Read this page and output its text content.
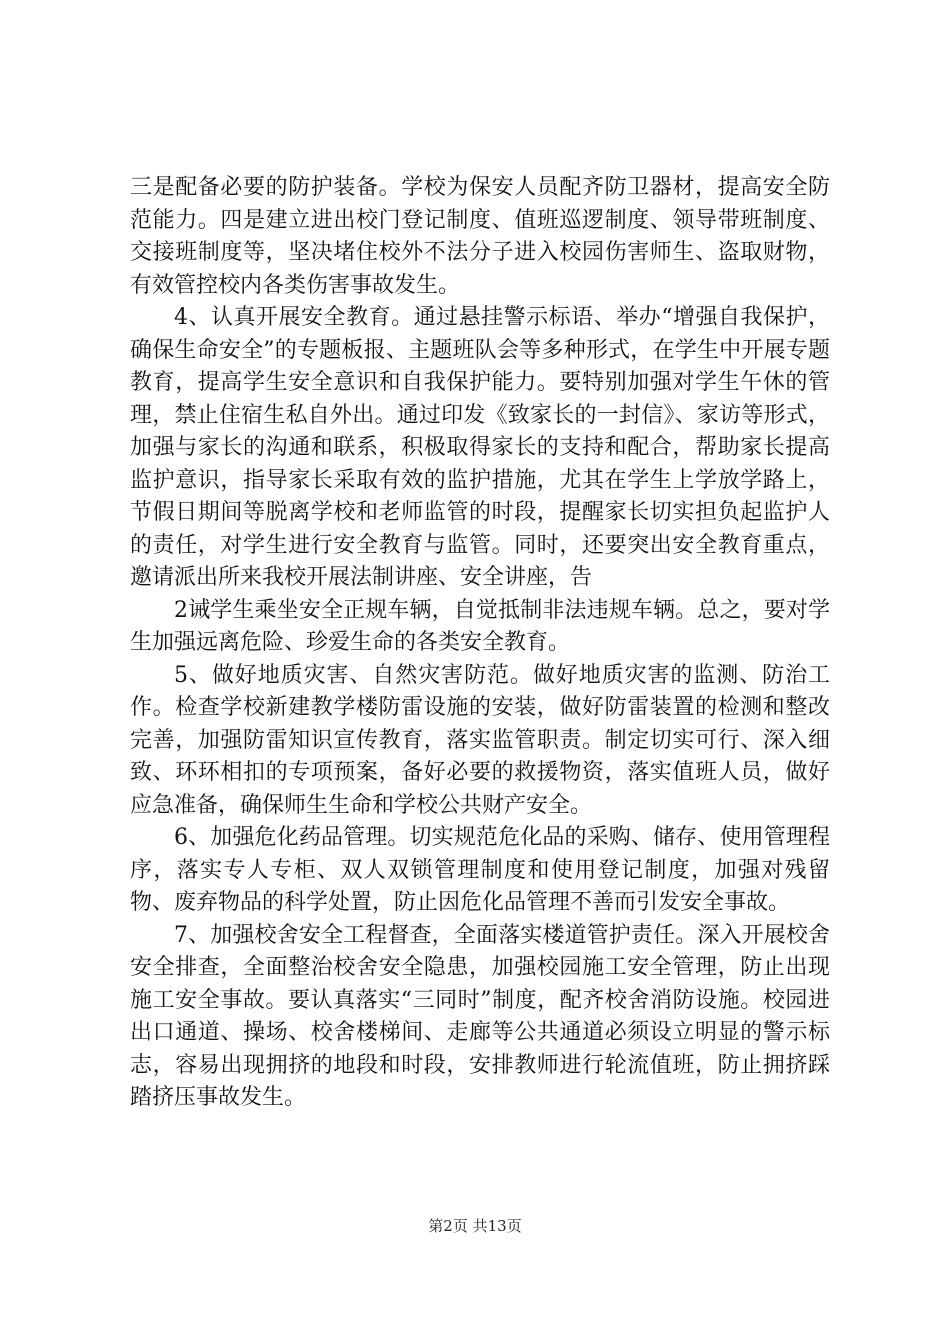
三是配备必要的防护装备。学校为保安人员配齐防卫器材，提高安全防范能力。四是建立进出校门登记制度、值班巡逻制度、领导带班制度、交接班制度等，坚决堵住校外不法分子进入校园伤害师生、盗取财物，有效管控校内各类伤害事故发生。

4、认真开展安全教育。通过悬挂警示标语、举办“增强自我保护，确保生命安全”的专题板报、主题班队会等多种形式，在学生中开展专题教育，提高学生安全意识和自我保护能力。要特别加强对学生午休的管理，禁止住宿生私自外出。通过印发《致家长的一封信》、家访等形式，加强与家长的沟通和联系，积极取得家长的支持和配合，帮助家长提高监护意识，指导家长采取有效的监护措施，尤其在学生上学放学路上，节假日期间等脱离学校和老师监管的时段，提醒家长切实担负起监护人的责任，对学生进行安全教育与监管。同时，还要突出安全教育重点，邀请派出所来我校开展法制讲座、安全讲座，告

2诫学生乘坐安全正规车辆，自觉抵制非法违规车辆。总之，要对学生加强远离危险、珍爱生命的各类安全教育。

5、做好地质灾害、自然灾害防范。做好地质灾害的监测、防治工作。检查学校新建教学楼防雷设施的安装，做好防雷装置的检测和整改完善，加强防雷知识宣传教育，落实监管职责。制定切实可行、深入细致、环环相扣的专项预案，备好必要的救援物资，落实值班人员，做好应急准备，确保师生生命和学校公共财产安全。

6、加强危化药品管理。切实规范危化品的采购、储存、使用管理程序，落实专人专柜、双人双锁管理制度和使用登记制度，加强对残留物、废弃物品的科学处置，防止因危化品管理不善而引发安全事故。

7、加强校舍安全工程督查，全面落实楼道管护责任。深入开展校舍安全排查，全面整治校舍安全隐患，加强校园施工安全管理，防止出现施工安全事故。要认真落实“三同时”制度，配齐校舍消防设施。校园进出口通道、操场、校舍楼梯间、走廊等公共通道必须设立明显的警示标志，容易出现拥挤的地段和时段，安排教师进行轮流值班，防止拥挤踩踏挤压事故发生。

第2页 共13页
